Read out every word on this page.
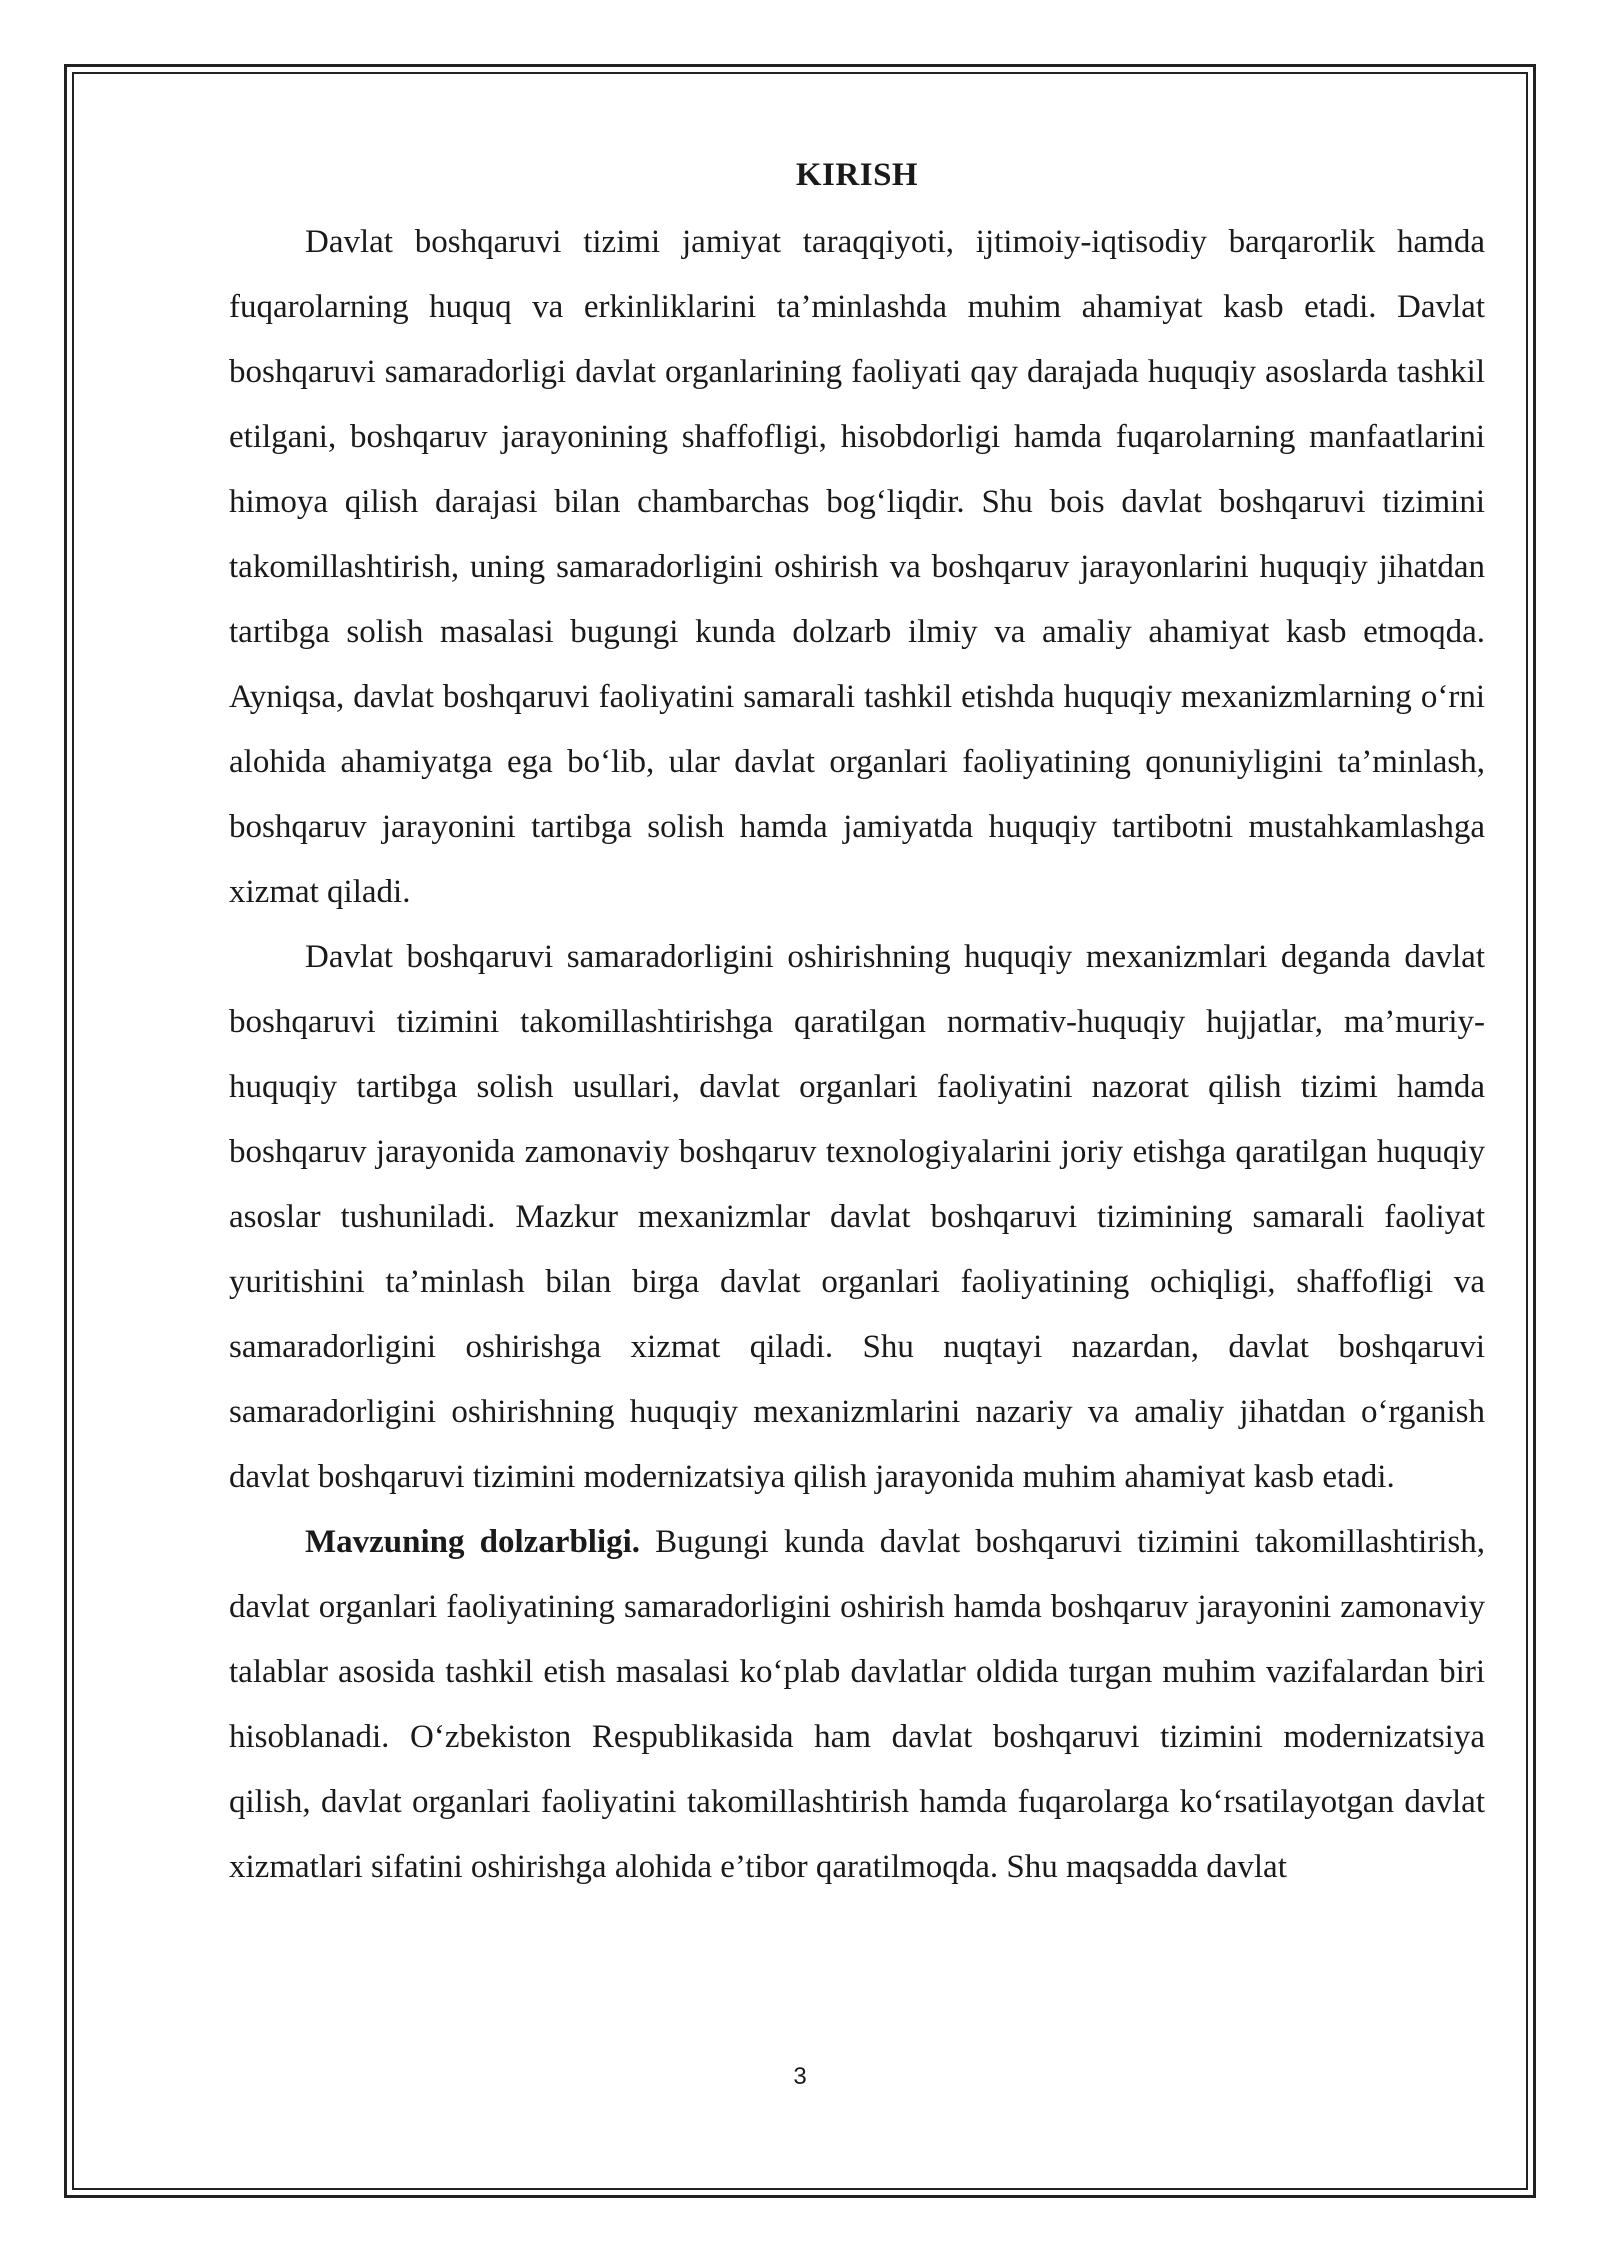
KIRISH

Davlat boshqaruvi tizimi jamiyat taraqqiyoti, ijtimoiy-iqtisodiy barqarorlik hamda fuqarolarning huquq va erkinliklarini ta’minlashda muhim ahamiyat kasb etadi. Davlat boshqaruvi samaradorligi davlat organlarining faoliyati qay darajada huquqiy asoslarda tashkil etilgani, boshqaruv jarayonining shaffofligi, hisobdorligi hamda fuqarolarning manfaatlarini himoya qilish darajasi bilan chambarchas bog‘liqdir. Shu bois davlat boshqaruvi tizimini takomillashtirish, uning samaradorligini oshirish va boshqaruv jarayonlarini huquqiy jihatdan tartibga solish masalasi bugungi kunda dolzarb ilmiy va amaliy ahamiyat kasb etmoqda. Ayniqsa, davlat boshqaruvi faoliyatini samarali tashkil etishda huquqiy mexanizmlarning o‘rni alohida ahamiyatga ega bo‘lib, ular davlat organlari faoliyatining qonuniyligini ta’minlash, boshqaruv jarayonini tartibga solish hamda jamiyatda huquqiy tartibotni mustahkamlashga xizmat qiladi.

Davlat boshqaruvi samaradorligini oshirishning huquqiy mexanizmlari deganda davlat boshqaruvi tizimini takomillashtirishga qaratilgan normativ-huquqiy hujjatlar, ma’muriy-huquqiy tartibga solish usullari, davlat organlari faoliyatini nazorat qilish tizimi hamda boshqaruv jarayonida zamonaviy boshqaruv texnologiyalarini joriy etishga qaratilgan huquqiy asoslar tushuniladi. Mazkur mexanizmlar davlat boshqaruvi tizimining samarali faoliyat yuritishini ta’minlash bilan birga davlat organlari faoliyatining ochiqligi, shaffofligi va samaradorligini oshirishga xizmat qiladi. Shu nuqtayi nazardan, davlat boshqaruvi samaradorligini oshirishning huquqiy mexanizmlarini nazariy va amaliy jihatdan o‘rganish davlat boshqaruvi tizimini modernizatsiya qilish jarayonida muhim ahamiyat kasb etadi.

Mavzuning dolzarbligi. Bugungi kunda davlat boshqaruvi tizimini takomillashtirish, davlat organlari faoliyatining samaradorligini oshirish hamda boshqaruv jarayonini zamonaviy talablar asosida tashkil etish masalasi ko‘plab davlatlar oldida turgan muhim vazifalardan biri hisoblanadi. O‘zbekiston Respublikasida ham davlat boshqaruvi tizimini modernizatsiya qilish, davlat organlari faoliyatini takomillashtirish hamda fuqarolarga ko‘rsatilayotgan davlat xizmatlari sifatini oshirishga alohida e’tibor qaratilmoqda. Shu maqsadda davlat

3
